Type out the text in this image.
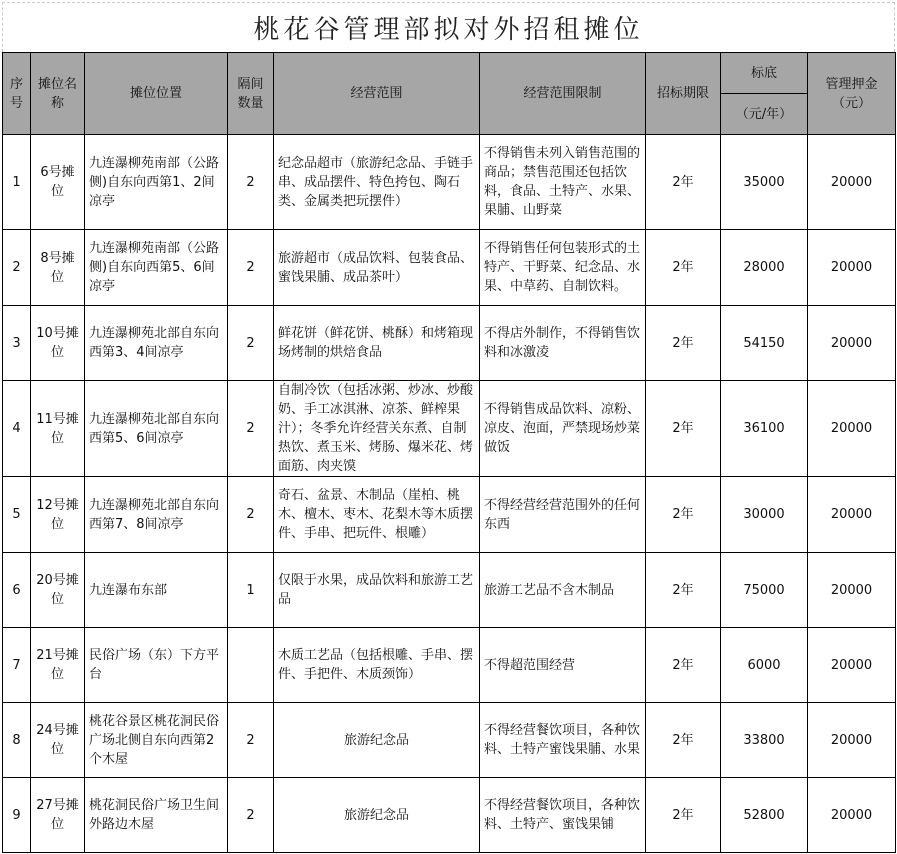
桃花谷管理部拟对外招租摊位
序号	摊位名称	摊位位置	隔间数量	经营范围	经营范围限制	招标期限	标底	管理押金（元）
							（元/年）	
1	6号摊位	九连瀑柳苑南部（公路侧)自东向西第1、2间凉亭	2	纪念品超市（旅游纪念品、手链手串、成品摆件、特色挎包、陶石类、金属类把玩摆件）	不得销售未列入销售范围的商品；禁售范围还包括饮料，食品、土特产、水果、果脯、山野菜	2年	35000	20000
2	8号摊位	九连瀑柳苑南部（公路侧)自东向西第5、6间凉亭	2	旅游超市（成品饮料、包装食品、蜜饯果脯、成品茶叶）	不得销售任何包装形式的土特产、干野菜、纪念品、水果、中草药、自制饮料。	2年	28000	20000
3	10号摊位	九连瀑柳苑北部自东向西第3、4间凉亭	2	鲜花饼（鲜花饼、桃酥）和烤箱现场烤制的烘焙食品	不得店外制作，不得销售饮料和冰激凌	2年	54150	20000
4	11号摊位	九连瀑柳苑北部自东向西第5、6间凉亭	2	自制冷饮（包括冰粥、炒冰、炒酸奶、手工冰淇淋、凉茶、鲜榨果汁）；冬季允许经营关东煮、自制热饮、煮玉米、烤肠、爆米花、烤面筋、肉夹馍	不得销售成品饮料、凉粉、凉皮、泡面，严禁现场炒菜做饭	2年	36100	20000
5	12号摊位	九连瀑柳苑北部自东向西第7、8间凉亭	2	奇石、盆景、木制品（崖柏、桃木、檀木、枣木、花梨木等木质摆件、手串、把玩件、根雕）	不得经营经营范围外的任何东西	2年	30000	20000
6	20号摊位	九连瀑布东部	1	仅限于水果，成品饮料和旅游工艺品	旅游工艺品不含木制品	2年	75000	20000
7	21号摊位	民俗广场（东）下方平台		木质工艺品（包括根雕、手串、摆件、手把件、木质颈饰）	不得超范围经营	2年	6000	20000
8	24号摊位	桃花谷景区桃花洞民俗广场北侧自东向西第2个木屋	2	旅游纪念品	不得经营餐饮项目，各种饮料、土特产蜜饯果脯、水果	2年	33800	20000
9	27号摊位	桃花洞民俗广场卫生间外路边木屋	2	旅游纪念品	不得经营餐饮项目，各种饮料、土特产、蜜饯果铺	2年	52800	20000
